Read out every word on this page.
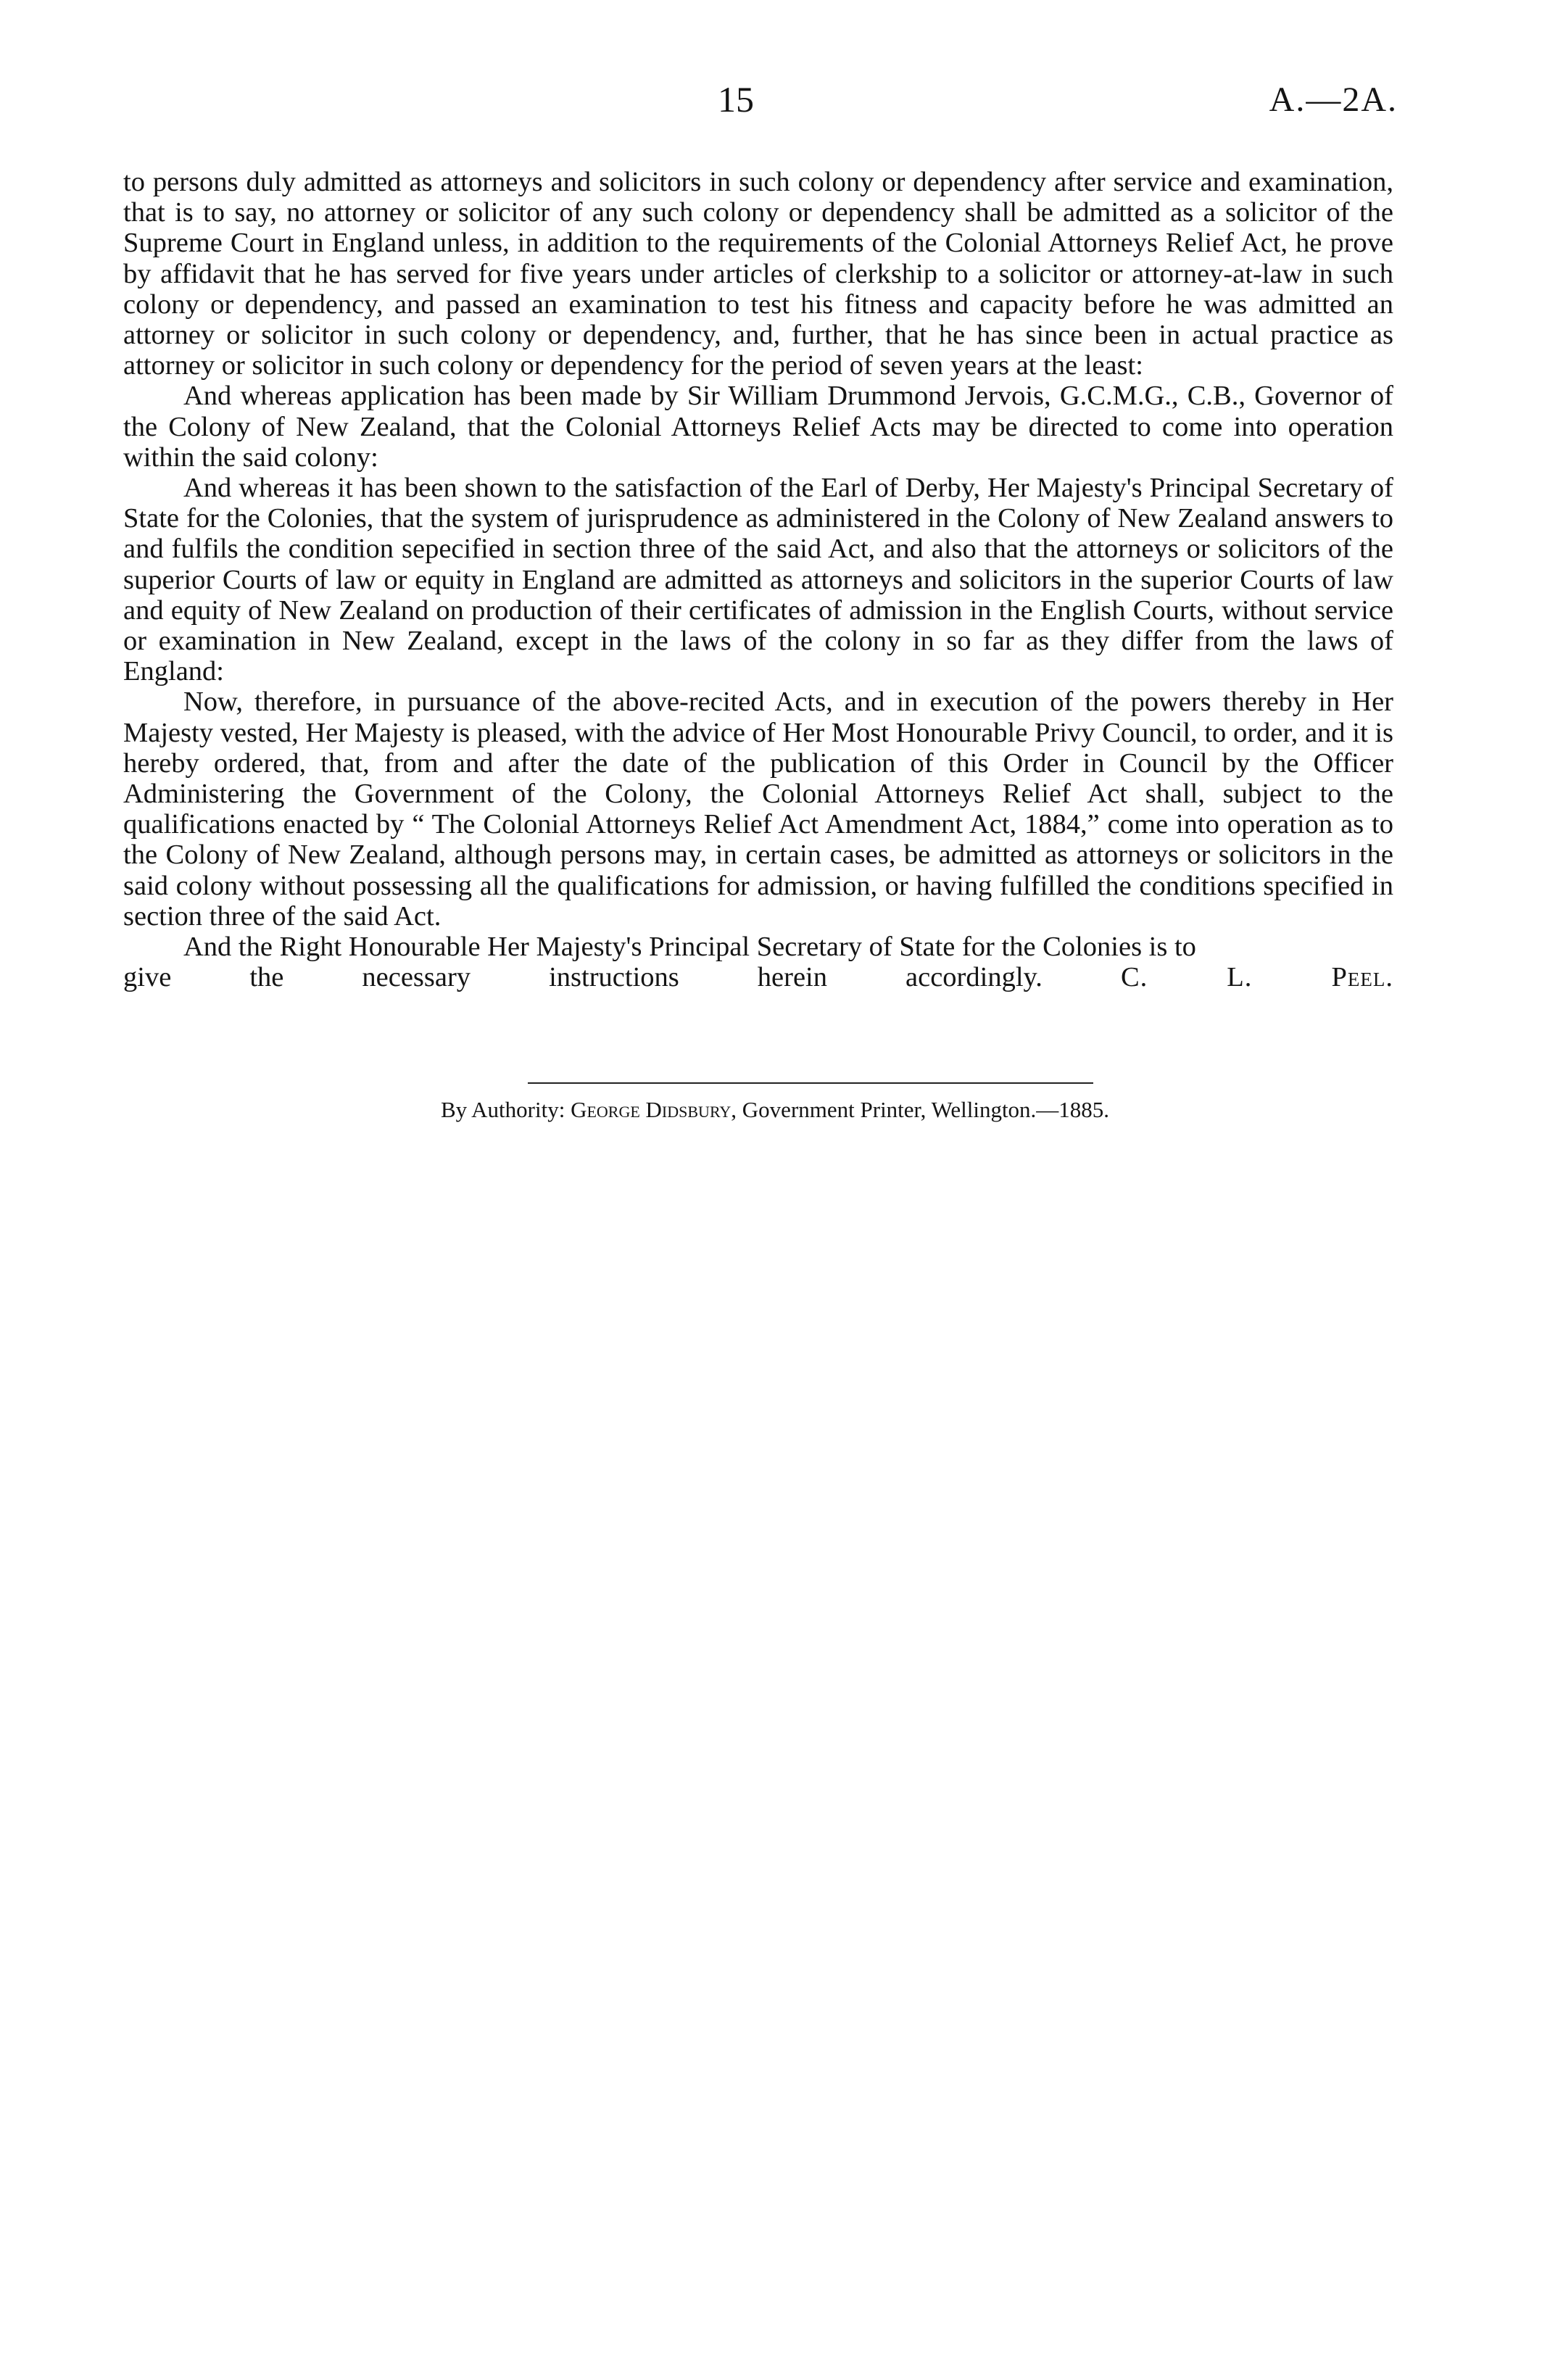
15	A.—2A.

to persons duly admitted as attorneys and solicitors in such colony or dependency after service and examination, that is to say, no attorney or solicitor of any such colony or dependency shall be admitted as a solicitor of the Supreme Court in England unless, in addition to the requirements of the Colonial Attorneys Relief Act, he prove by affidavit that he has served for five years under articles of clerkship to a solicitor or attorney-at-law in such colony or dependency, and passed an examination to test his fitness and capacity before he was admitted an attorney or solicitor in such colony or dependency, and, further, that he has since been in actual practice as attorney or solicitor in such colony or dependency for the period of seven years at the least:

And whereas application has been made by Sir William Drummond Jervois, G.C.M.G., C.B., Governor of the Colony of New Zealand, that the Colonial Attorneys Relief Acts may be directed to come into operation within the said colony:

And whereas it has been shown to the satisfaction of the Earl of Derby, Her Majesty's Principal Secretary of State for the Colonies, that the system of jurisprudence as administered in the Colony of New Zealand answers to and fulfils the condition sepecified in section three of the said Act, and also that the attorneys or solicitors of the superior Courts of law or equity in England are admitted as attorneys and solicitors in the superior Courts of law and equity of New Zealand on production of their certificates of admission in the English Courts, without service or examination in New Zealand, except in the laws of the colony in so far as they differ from the laws of England:

Now, therefore, in pursuance of the above-recited Acts, and in execution of the powers thereby in Her Majesty vested, Her Majesty is pleased, with the advice of Her Most Honourable Privy Council, to order, and it is hereby ordered, that, from and after the date of the publication of this Order in Council by the Officer Administering the Government of the Colony, the Colonial Attorneys Relief Act shall, subject to the qualifications enacted by “ The Colonial Attorneys Relief Act Amendment Act, 1884,” come into operation as to the Colony of New Zealand, although persons may, in certain cases, be admitted as attorneys or solicitors in the said colony without possessing all the qualifications for admission, or having fulfilled the conditions specified in section three of the said Act.

And the Right Honourable Her Majesty's Principal Secretary of State for the Colonies is to

give the necessary instructions herein accordingly.	C. L. Peel.

By Authority: George Didsbury, Government Printer, Wellington.—1885.
